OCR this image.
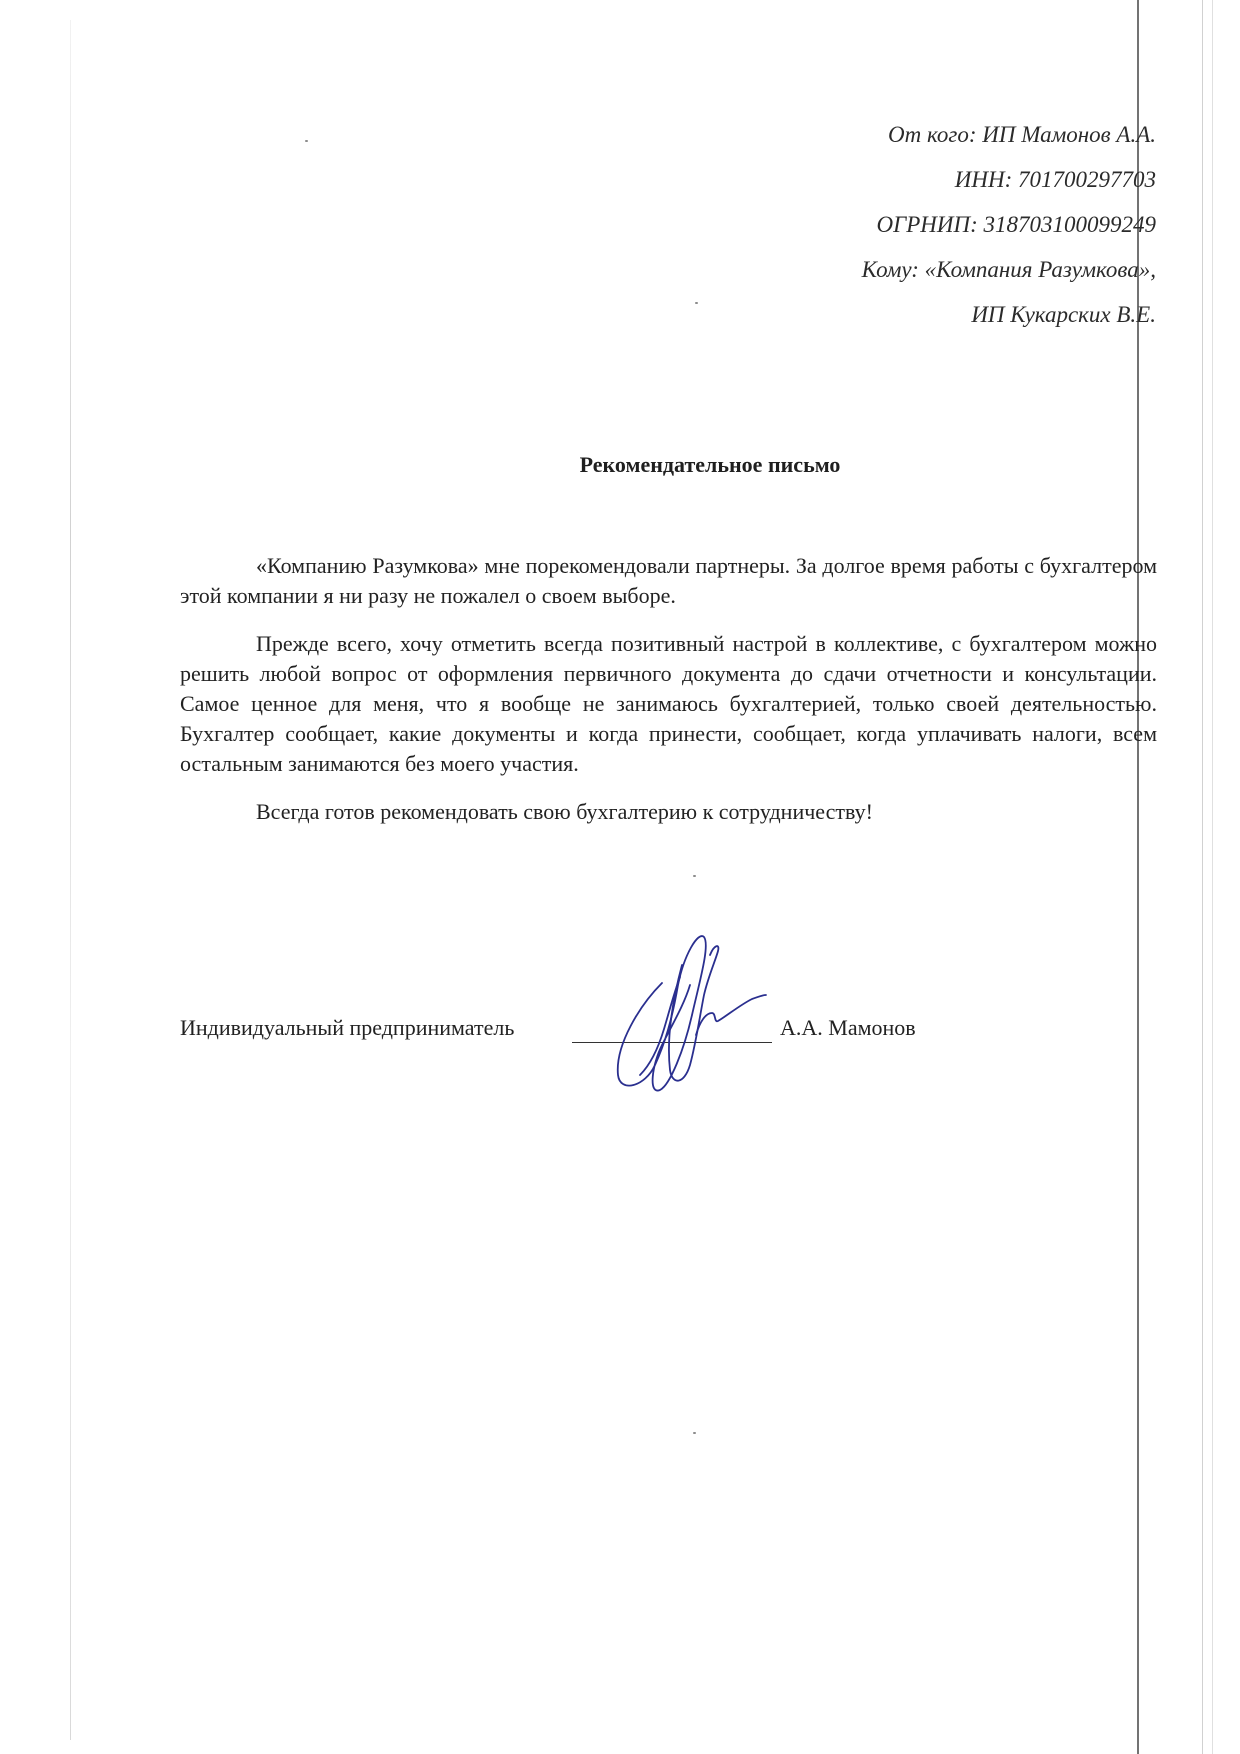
От кого: ИП Мамонов А.А.
ИНН: 701700297703
ОГРНИП: 318703100099249
Кому: «Компания Разумкова»,
ИП Кукарских В.Е.
Рекомендательное письмо

«Компанию Разумкова» мне порекомендовали партнеры. За долгое время работы с бухгалтером этой компании я ни разу не пожалел о своем выборе.

Прежде всего, хочу отметить всегда позитивный настрой в коллективе, с бухгалтером можно решить любой вопрос от оформления первичного документа до сдачи отчетности и консультации. Самое ценное для меня, что я вообще не занимаюсь бухгалтерией, только своей деятельностью. Бухгалтер сообщает, какие документы и когда принести, сообщает, когда уплачивать налоги, всем остальным занимаются без моего участия.

Всегда готов рекомендовать свою бухгалтерию к сотрудничеству!

Индивидуальный предприниматель	А.А. Мамонов
